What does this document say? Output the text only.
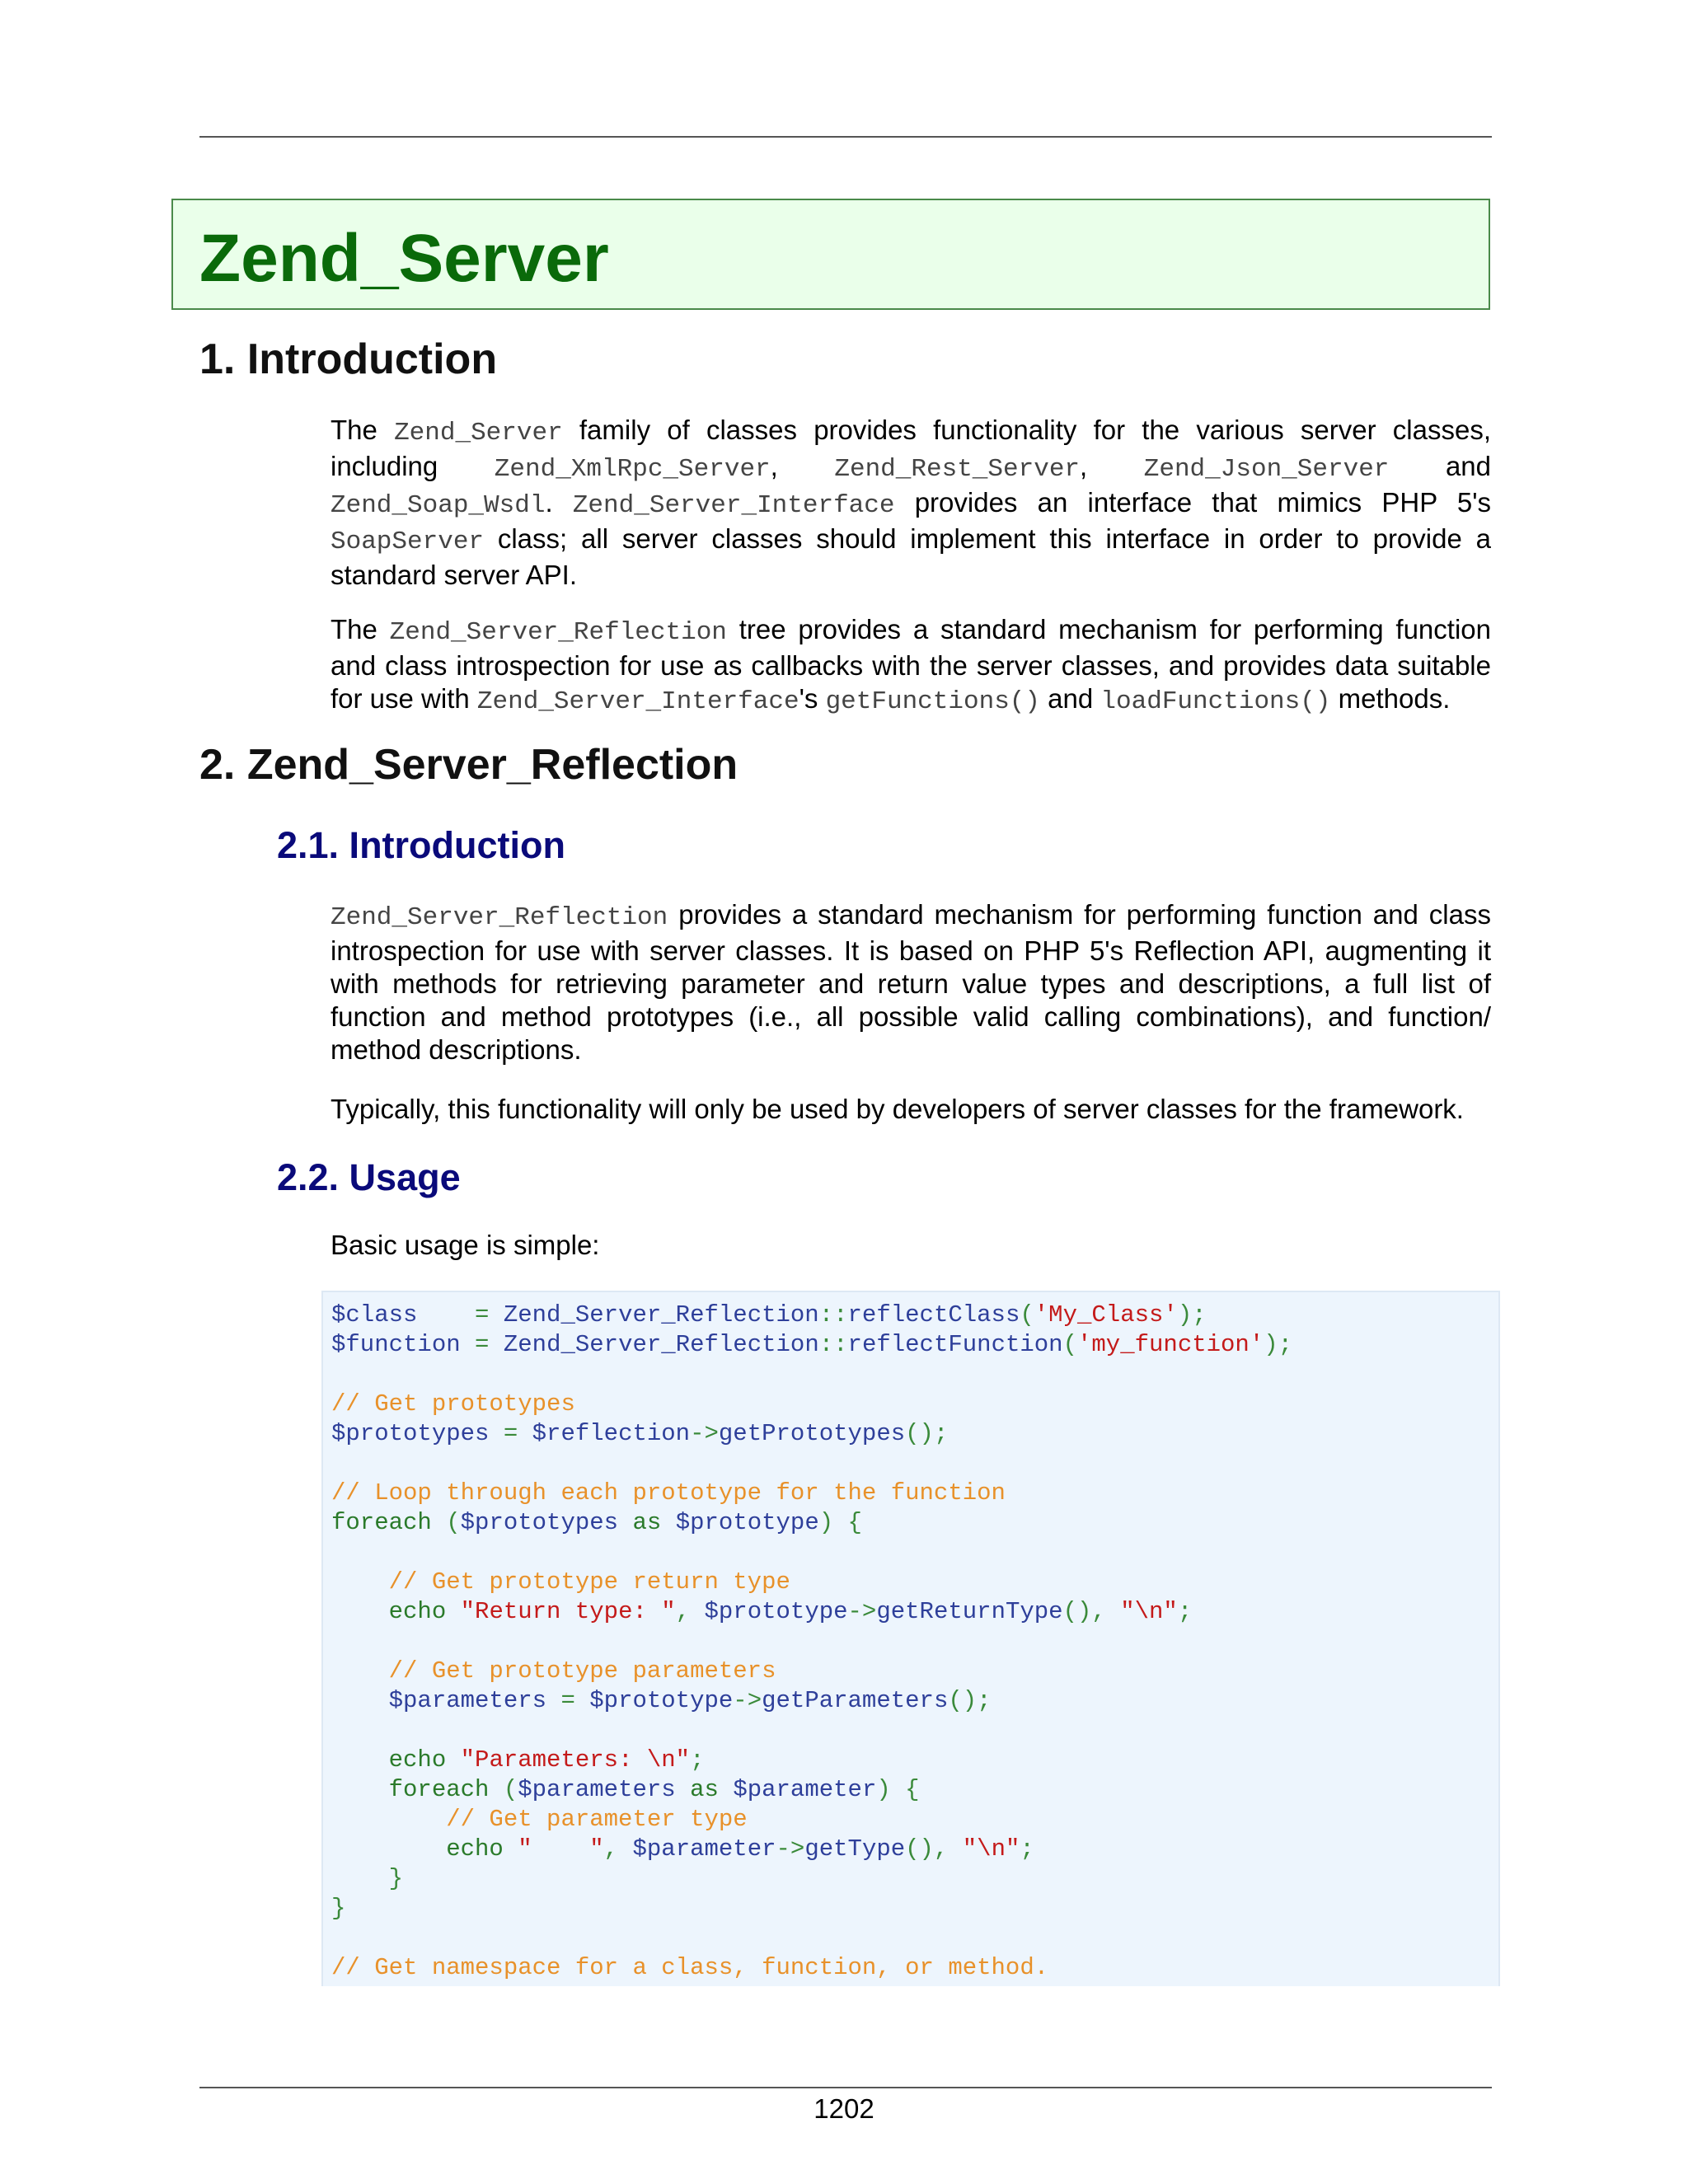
Zend_Server
1. Introduction

The Zend_Server family of classes provides functionality for the various server classes, including Zend_XmlRpc_Server, Zend_Rest_Server, Zend_Json_Server and Zend_Soap_Wsdl. Zend_Server_Interface provides an interface that mimics PHP 5's SoapServer class; all server classes should implement this interface in order to provide a standard server API.

The Zend_Server_Reflection tree provides a standard mechanism for performing function and class introspection for use as callbacks with the server classes, and provides data suitable for use with Zend_Server_Interface's getFunctions() and loadFunctions() methods.

2. Zend_Server_Reflection
2.1. Introduction

Zend_Server_Reflection provides a standard mechanism for performing function and class introspection for use with server classes. It is based on PHP 5's Reflection API, augmenting it with methods for retrieving parameter and return value types and descriptions, a full list of function and method prototypes (i.e., all possible valid calling combinations), and function/ method descriptions.

Typically, this functionality will only be used by developers of server classes for the framework.

2.2. Usage

Basic usage is simple:

$class    = Zend_Server_Reflection::reflectClass('My_Class');
$function = Zend_Server_Reflection::reflectFunction('my_function');

// Get prototypes
$prototypes = $reflection->getPrototypes();

// Loop through each prototype for the function
foreach ($prototypes as $prototype) {

// Get prototype return type
echo "Return type: ", $prototype->getReturnType(), "\n";

// Get prototype parameters
$parameters = $prototype->getParameters();

echo "Parameters: \n";
foreach ($parameters as $parameter) {
// Get parameter type
echo "    ", $parameter->getType(), "\n";
}
}

// Get namespace for a class, function, or method.
1202
